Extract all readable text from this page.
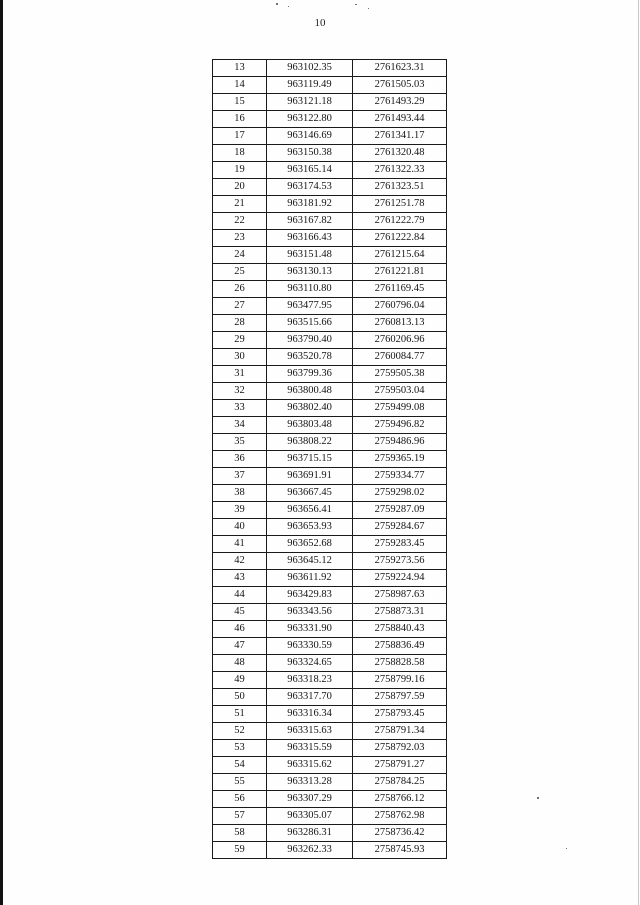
10
13	963102.35	2761623.31
14	963119.49	2761505.03
15	963121.18	2761493.29
16	963122.80	2761493.44
17	963146.69	2761341.17
18	963150.38	2761320.48
19	963165.14	2761322.33
20	963174.53	2761323.51
21	963181.92	2761251.78
22	963167.82	2761222.79
23	963166.43	2761222.84
24	963151.48	2761215.64
25	963130.13	2761221.81
26	963110.80	2761169.45
27	963477.95	2760796.04
28	963515.66	2760813.13
29	963790.40	2760206.96
30	963520.78	2760084.77
31	963799.36	2759505.38
32	963800.48	2759503.04
33	963802.40	2759499.08
34	963803.48	2759496.82
35	963808.22	2759486.96
36	963715.15	2759365.19
37	963691.91	2759334.77
38	963667.45	2759298.02
39	963656.41	2759287.09
40	963653.93	2759284.67
41	963652.68	2759283.45
42	963645.12	2759273.56
43	963611.92	2759224.94
44	963429.83	2758987.63
45	963343.56	2758873.31
46	963331.90	2758840.43
47	963330.59	2758836.49
48	963324.65	2758828.58
49	963318.23	2758799.16
50	963317.70	2758797.59
51	963316.34	2758793.45
52	963315.63	2758791.34
53	963315.59	2758792.03
54	963315.62	2758791.27
55	963313.28	2758784.25
56	963307.29	2758766.12
57	963305.07	2758762.98
58	963286.31	2758736.42
59	963262.33	2758745.93
